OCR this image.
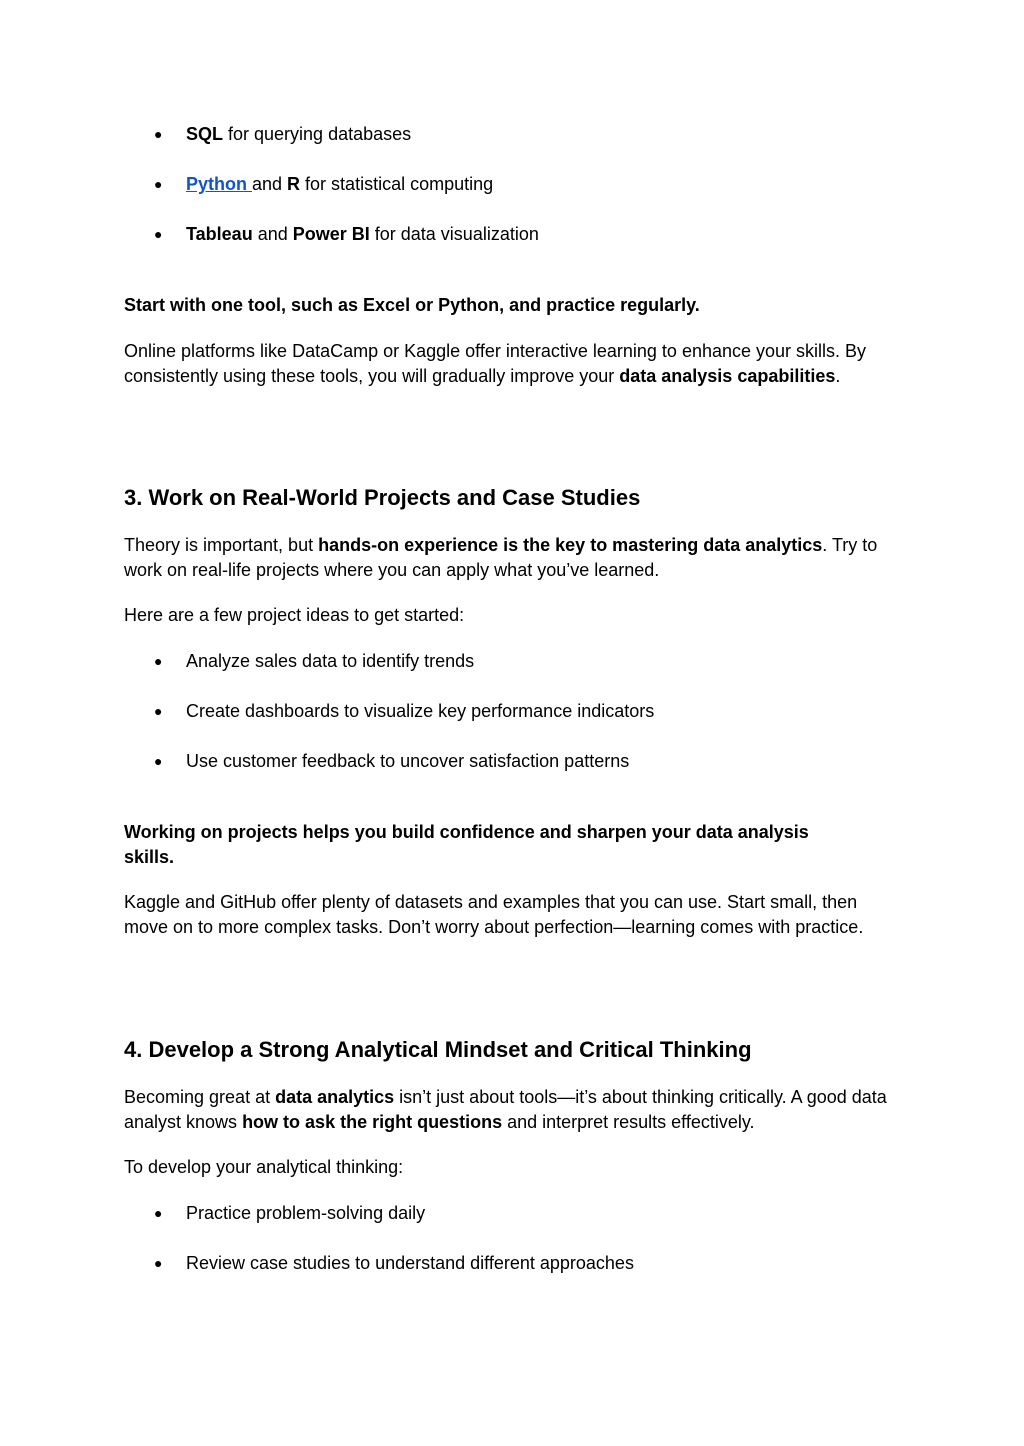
● SQL for querying databases
● Python and R for statistical computing
● Tableau and Power BI for data visualization
Start with one tool, such as Excel or Python, and practice regularly.
Online platforms like DataCamp or Kaggle offer interactive learning to enhance your skills. By consistently using these tools, you will gradually improve your data analysis capabilities.
3. Work on Real-World Projects and Case Studies
Theory is important, but hands-on experience is the key to mastering data analytics. Try to work on real-life projects where you can apply what you’ve learned.
Here are a few project ideas to get started:
● Analyze sales data to identify trends
● Create dashboards to visualize key performance indicators
● Use customer feedback to uncover satisfaction patterns
Working on projects helps you build confidence and sharpen your data analysis skills.
Kaggle and GitHub offer plenty of datasets and examples that you can use. Start small, then move on to more complex tasks. Don’t worry about perfection—learning comes with practice.
4. Develop a Strong Analytical Mindset and Critical Thinking
Becoming great at data analytics isn’t just about tools—it’s about thinking critically. A good data analyst knows how to ask the right questions and interpret results effectively.
To develop your analytical thinking:
● Practice problem-solving daily
● Review case studies to understand different approaches
